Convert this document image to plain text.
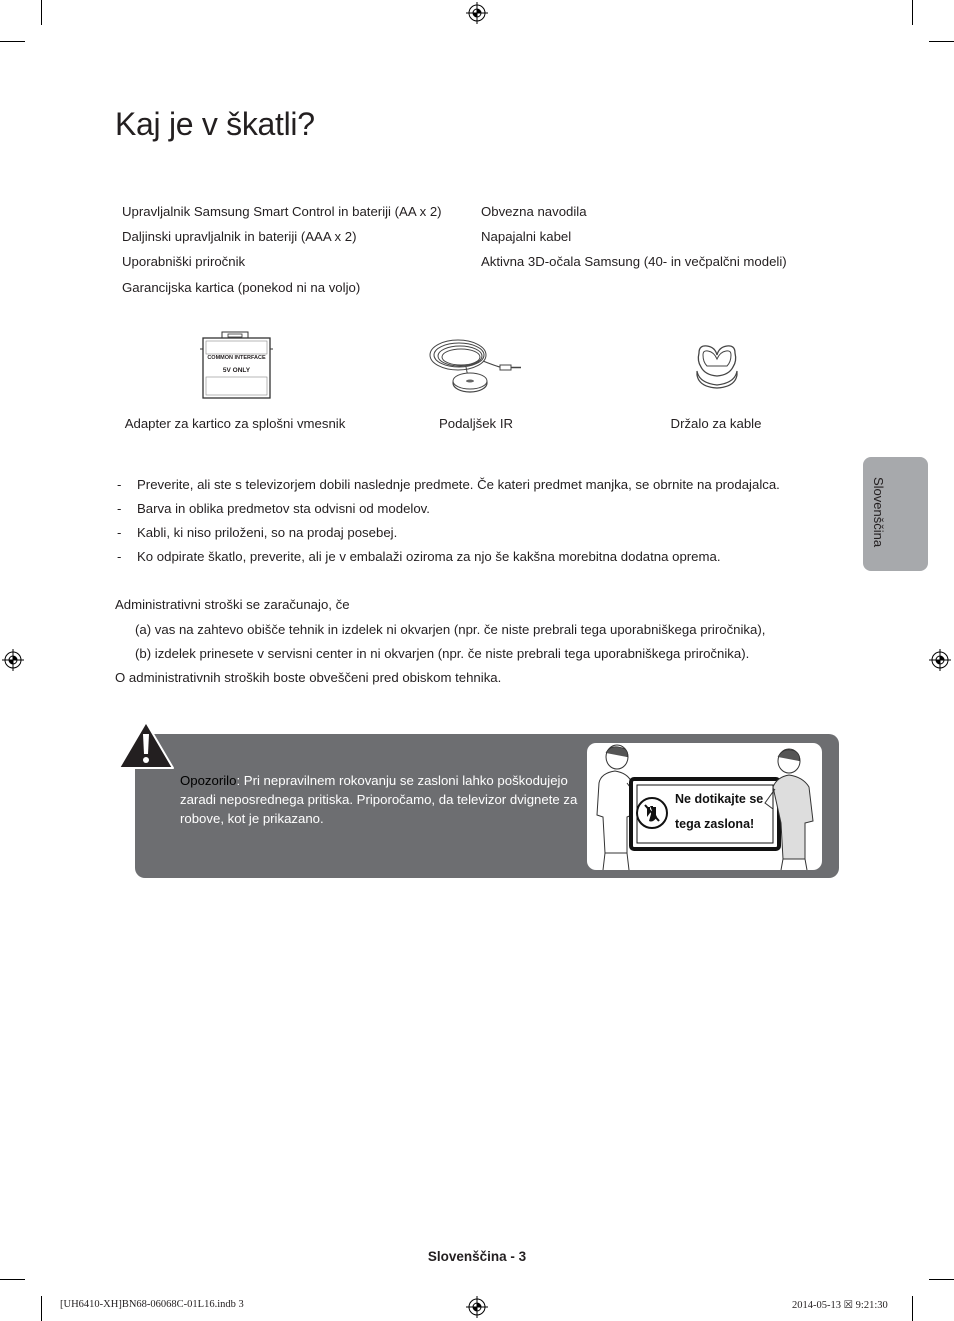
Kaj je v škatli?
Upravljalnik Samsung Smart Control in bateriji (AA x 2)
Daljinski upravljalnik in bateriji (AAA x 2)
Uporabniški priročnik
Garancijska kartica (ponekod ni na voljo)
Obvezna navodila
Napajalni kabel
Aktivna 3D-očala Samsung (40- in večpalčni modeli)
COMMON INTERFACE
5V ONLY
Adapter za kartico za splošni vmesnik	Podaljšek IR	Držalo za kable
- Preverite, ali ste s televizorjem dobili naslednje predmete. Če kateri predmet manjka, se obrnite na prodajalca.
- Barva in oblika predmetov sta odvisni od modelov.
- Kabli, ki niso priloženi, so na prodaj posebej.
- Ko odpirate škatlo, preverite, ali je v embalaži oziroma za njo še kakšna morebitna dodatna oprema.
Administrativni stroški se zaračunajo, če
(a) vas na zahtevo obišče tehnik in izdelek ni okvarjen (npr. če niste prebrali tega uporabniškega priročnika),
(b) izdelek prinesete v servisni center in ni okvarjen (npr. če niste prebrali tega uporabniškega priročnika).
O administrativnih stroških boste obveščeni pred obiskom tehnika.
Slovenščina
Opozorilo: Pri nepravilnem rokovanju se zasloni lahko poškodujejo zaradi neposrednega pritiska. Priporočamo, da televizor dvignete za robove, kot je prikazano.
Ne dotikajte se
tega zaslona!
Slovenščina - 3
[UH6410-XH]BN68-06068C-01L16.indb 3	2014-05-13 ☒ 9:21:30
